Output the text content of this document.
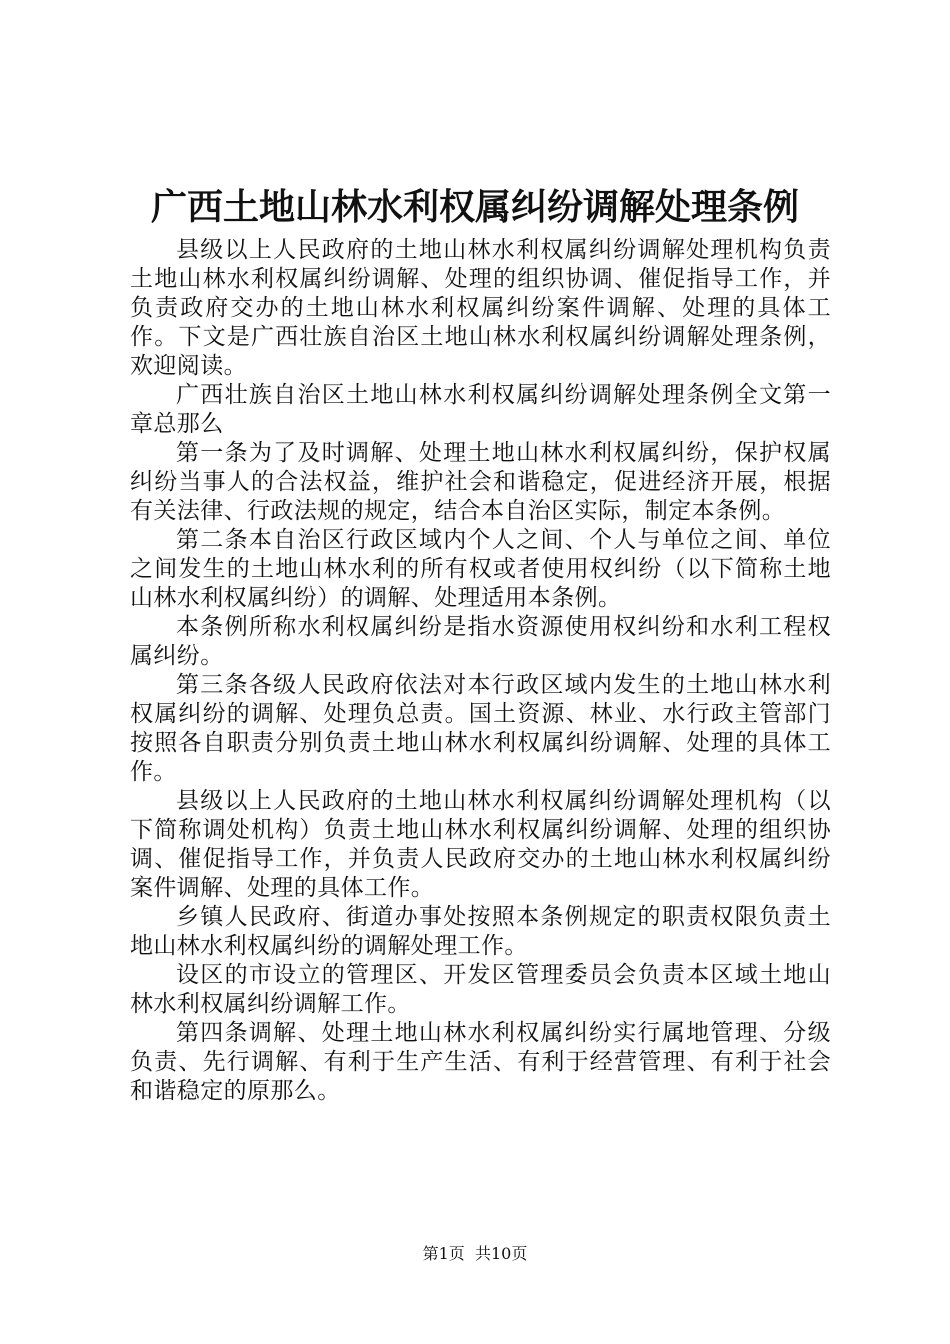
广西土地山林水利权属纠纷调解处理条例

县级以上人民政府的土地山林水利权属纠纷调解处理机构负责土地山林水利权属纠纷调解、处理的组织协调、催促指导工作，并负责政府交办的土地山林水利权属纠纷案件调解、处理的具体工作。下文是广西壮族自治区土地山林水利权属纠纷调解处理条例，欢迎阅读。

广西壮族自治区土地山林水利权属纠纷调解处理条例全文第一章总那么

第一条为了及时调解、处理土地山林水利权属纠纷，保护权属纠纷当事人的合法权益，维护社会和谐稳定，促进经济开展，根据有关法律、行政法规的规定，结合本自治区实际，制定本条例。

第二条本自治区行政区域内个人之间、个人与单位之间、单位之间发生的土地山林水利的所有权或者使用权纠纷（以下简称土地山林水利权属纠纷）的调解、处理适用本条例。

本条例所称水利权属纠纷是指水资源使用权纠纷和水利工程权属纠纷。

第三条各级人民政府依法对本行政区域内发生的土地山林水利权属纠纷的调解、处理负总责。国土资源、林业、水行政主管部门按照各自职责分别负责土地山林水利权属纠纷调解、处理的具体工作。

县级以上人民政府的土地山林水利权属纠纷调解处理机构（以下简称调处机构）负责土地山林水利权属纠纷调解、处理的组织协调、催促指导工作，并负责人民政府交办的土地山林水利权属纠纷案件调解、处理的具体工作。

乡镇人民政府、街道办事处按照本条例规定的职责权限负责土地山林水利权属纠纷的调解处理工作。

设区的市设立的管理区、开发区管理委员会负责本区域土地山林水利权属纠纷调解工作。

第四条调解、处理土地山林水利权属纠纷实行属地管理、分级负责、先行调解、有利于生产生活、有利于经营管理、有利于社会和谐稳定的原那么。

第1页 共10页
